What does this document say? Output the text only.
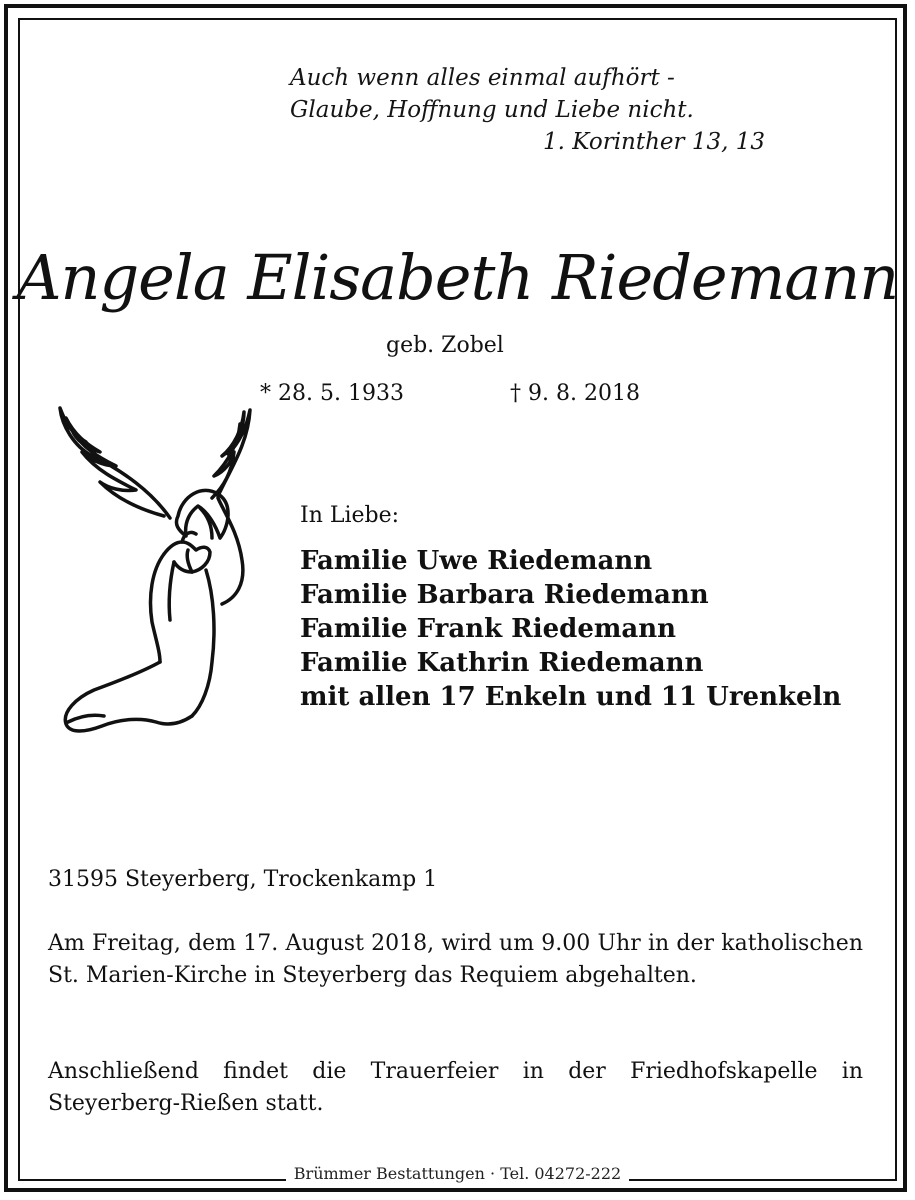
Auch wenn alles einmal aufhört -
Glaube, Hoffnung und Liebe nicht.
1. Korinther 13, 13
Angela Elisabeth Riedemann
geb. Zobel
* 28. 5. 1933	† 9. 8. 2018
In Liebe:
Familie Uwe Riedemann
Familie Barbara Riedemann
Familie Frank Riedemann
Familie Kathrin Riedemann
mit allen 17 Enkeln und 11 Urenkeln
31595 Steyerberg, Trockenkamp 1
Am Freitag, dem 17. August 2018, wird um 9.00 Uhr in der katholischen St. Marien-Kirche in Steyerberg das Requiem abgehalten.
Anschließend findet die Trauerfeier in der Friedhofskapelle in Steyerberg-Rießen statt.
Brümmer Bestattungen · Tel. 04272-222
